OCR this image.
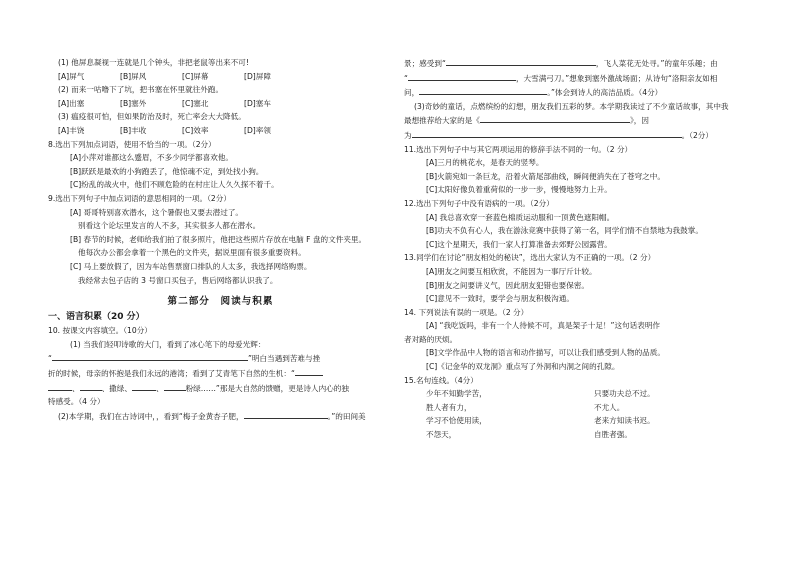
(1) 他屏息凝视一连就是几个钟头，非把老鼠等出来不可!
[A]屏气	[B]屏风	[C]屏幕	[D]屏障
(2) 而来一咕噜下了坑，把书塞在怀里就往外跑。
[A]出塞	[B]塞外	[C]塞北	[D]塞车
(3) 瘟疫很可怕，但如果防治及时，死亡率会大大降低。
[A]丰饶	[B]丰收	[C]效率	[D]率领
8.选出下列加点词语，使用不恰当的一项。（2分）
[A]小萍对谁都这么蹙眉，不多少同学都喜欢他。
[B]跃跃是最欢的小狗跑丢了，他惊魂不定，到处找小狗。
[C]纷乱的战火中，他们不顾危险的在村庄让人久久探不着千。
9.选出下列句子中加点词语的意思相同的一项。（2分）
[A] 哥哥特别喜欢潜水，这个暑假也又要去潜过了。
别看这个论坛里发言的人不多，其实很多人都在潜水。
[B] 春节的时候，老师给我们拍了很多照片，他把这些照片存放在电脑 F 盘的文件夹里。
他每次办公都会拿着一个黑色的文件夹，据说里面有很多重要资料。
[C] 马上要放假了，因为车站售票窗口排队的人太多，我选择网络购票。
我经常去包子店的 3 号窗口买包子，售后网络都认识我了。
第二部分　阅读与积累
一、语言积累（20 分）
10. 按课文内容填空。（10分）
(1) 当我们轻叩诗歌的大门，看到了冰心笔下的母爱光辉：
“	”明白当遇到苦难与挫
折的时候，母亲的怀抱是我们永远的港湾；看到了艾青笔下自然的生机：“
、	、撒绿、	、	粉绿……”那是大自然的馈赠，更是诗人内心的独
特感受。（4 分）
(2)本学期，我们在古诗词中，，看到“梅子金黄杏子肥，	。”的田间美
景；感受到“	，飞人菜花无处寻。”的童年乐趣；由
“	，大雪满弓刀。”想象到塞外激战场面；从诗句“洛阳亲友如相
问，	。”体会到诗人的高洁品质。（4分）
(3)奇妙的童话，点燃缤纷的幻想，朋友我们五彩的梦。本学期我读过了不少童话故事，其中我
最想推荐给大家的是《	》，因
为	。（2分）
11.选出下列句子中与其它两项运用的修辞手法不同的一句。（2 分）
[A]三月的桃花水，是春天的竖琴。
[B]火箭宛如一条巨龙，沿着火箭尾部曲线，瞬间便消失在了苍穹之中。
[C]太阳好像负着重荷似的一步一步，慢慢地努力上升。
12.选出下列句子中没有语病的一项。（2分）
[A] 我总喜欢穿一套蓝色棉质运动服和一顶黄色遮阳帽。
[B]功夫不负有心人，我在游泳竞赛中获得了第一名，同学们情不自禁地为我鼓掌。
[C]这个星期天，我们一家人打算准备去郊野公园露营。
13.同学们在讨论“朋友相处的秘诀”，选出大家认为不正确的一项。（2 分）
[A]朋友之间要互相欣赏，不能因为一事厅斤计较。
[B]朋友之间要讲义气，因此朋友犯错也要保密。
[C]意见不一致时，要学会与朋友积极沟通。
14. 下列说法有误的一项是。（2 分）
[A] “我吃饭吗，非有一个人待候不可，真是架子十足！”这句话表明作
者对路的厌烦。
[B]文学作品中人物的语言和动作描写，可以让我们感受到人物的品质。
[C]《记金华的双龙洞》重点写了外洞和内洞之间的孔隙。
15.名句连线。（4分）
少年不知勤学苦，	只要功夫总不过。
胜人者有力，	不尤人。
学习不恰使用读，	老来方知读书迟。
不怨天，	自胜者强。
